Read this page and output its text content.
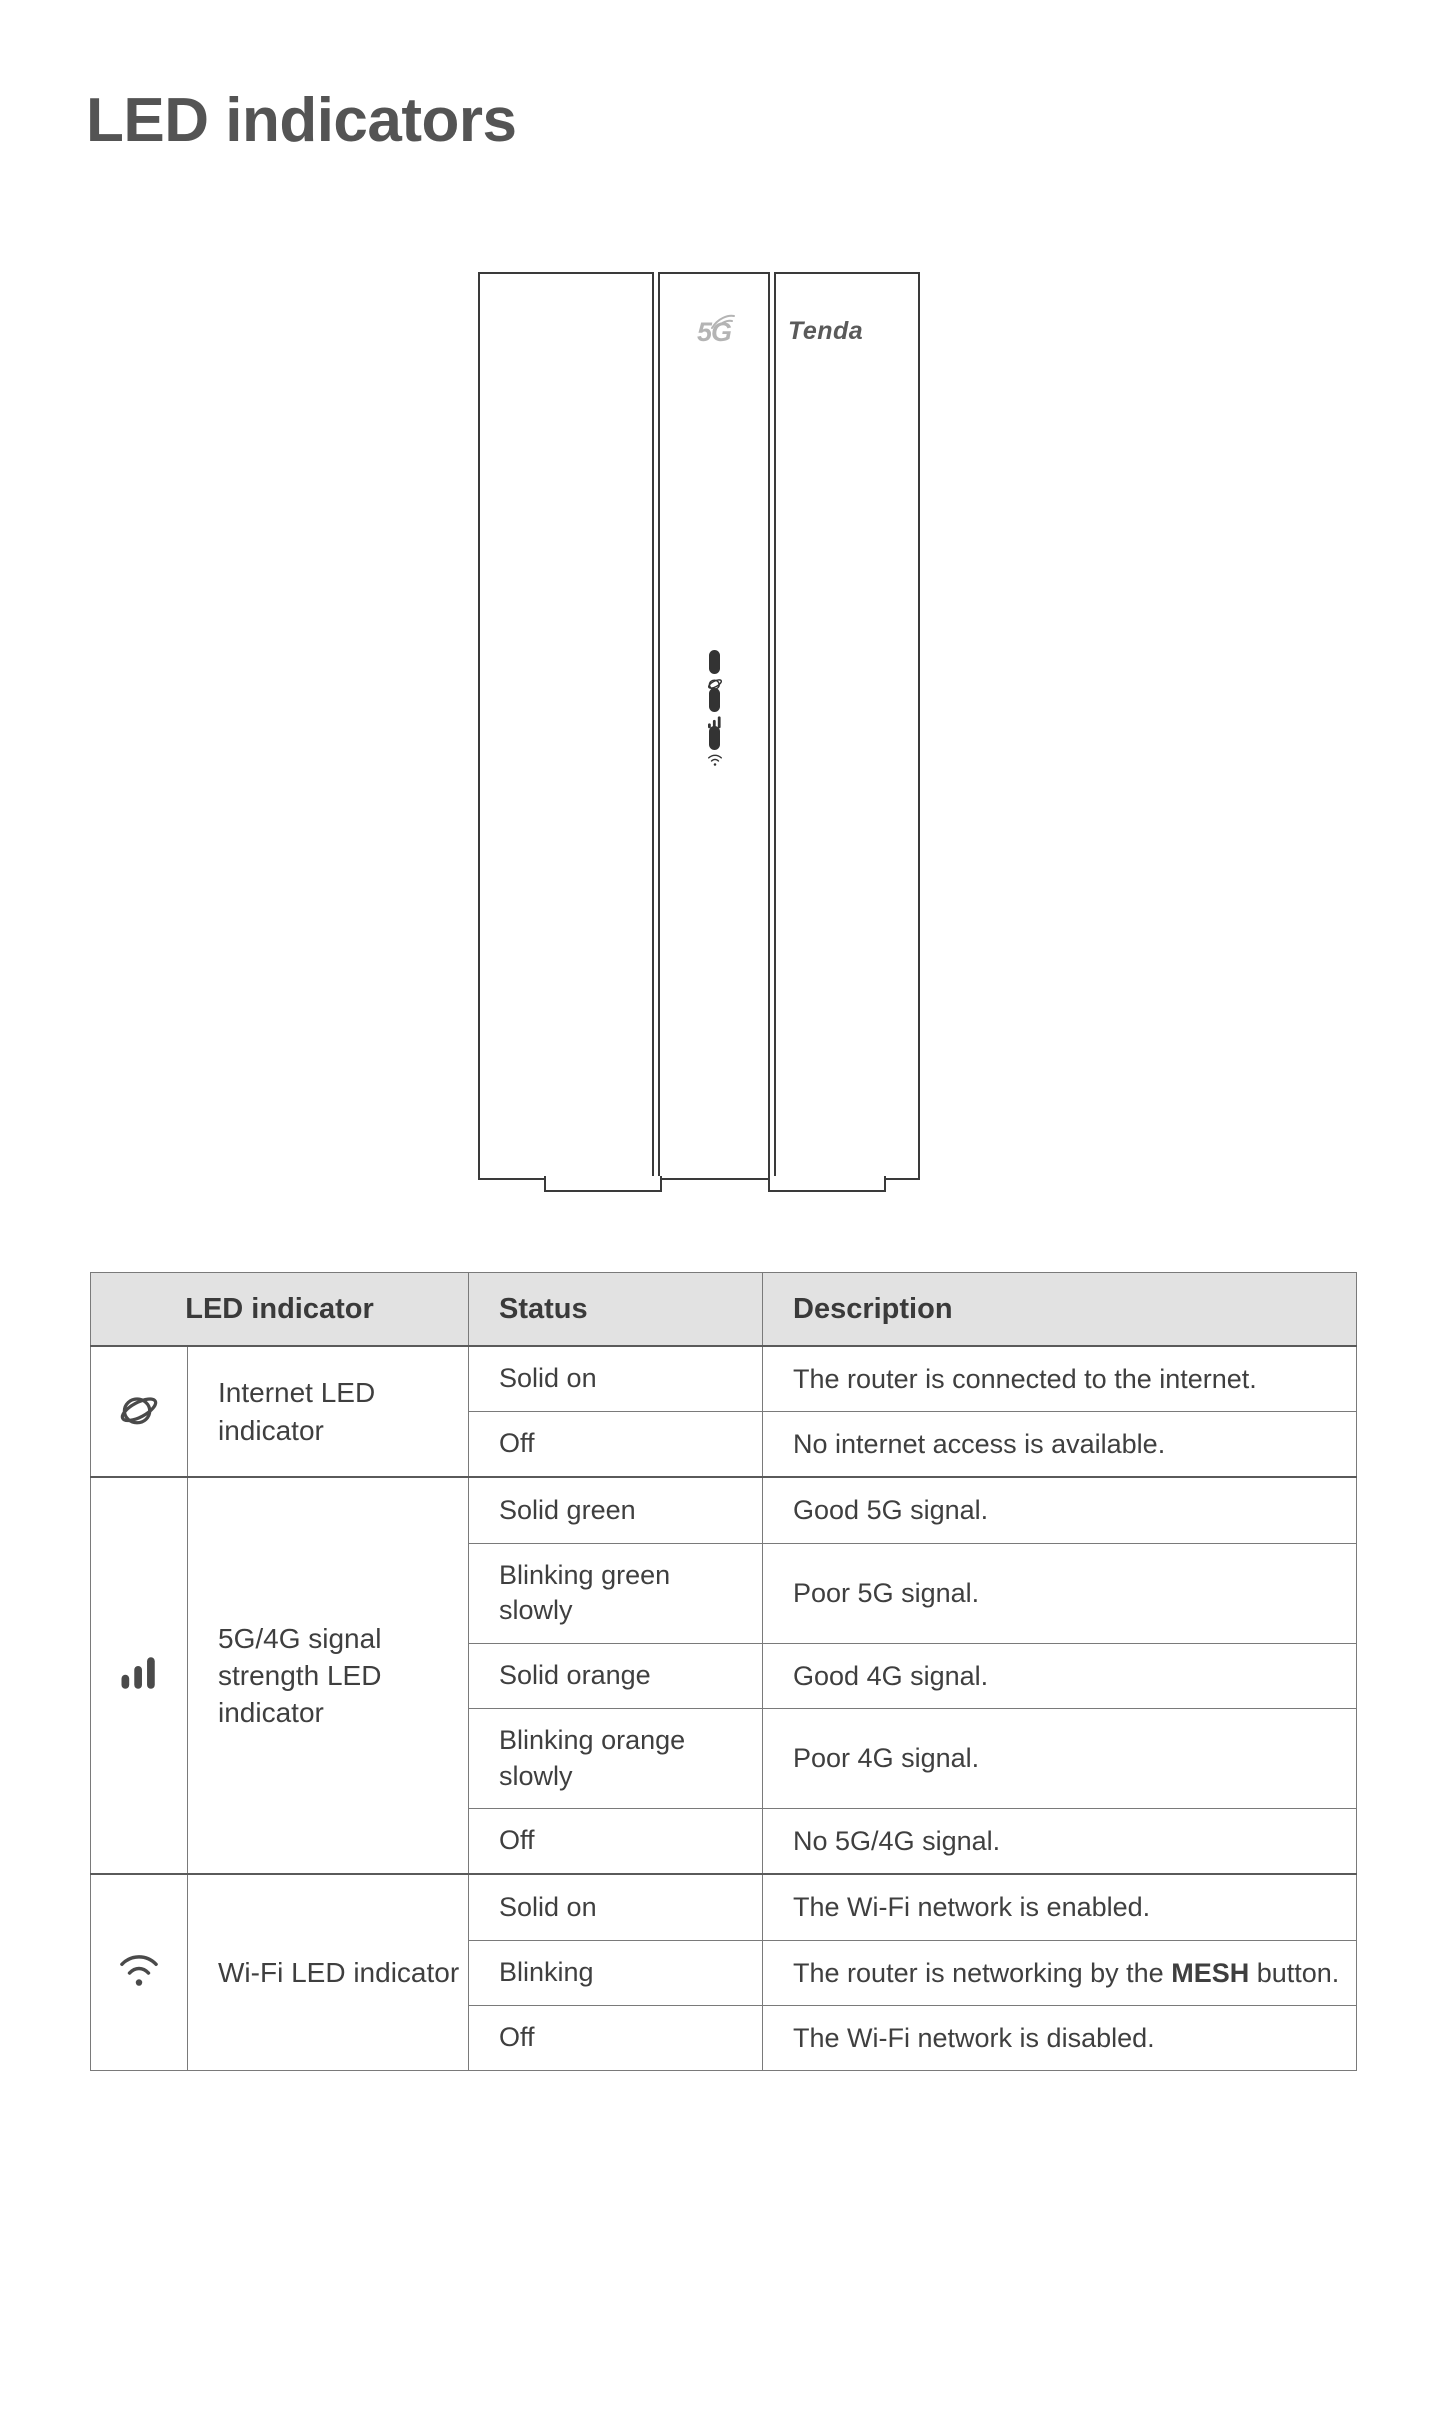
LED indicators
5G	Tenda
LED indicator		Status	Description
	Internet LED indicator	Solid on	The router is connected to the internet.
		Off	No internet access is available.
	5G/4G signal strength LED indicator	Solid green	Good 5G signal.
		Blinking green slowly	Poor 5G signal.
		Solid orange	Good 4G signal.
		Blinking orange slowly	Poor 4G signal.
		Off	No 5G/4G signal.
	Wi-Fi LED indicator	Solid on	The Wi-Fi network is enabled.
		Blinking	The router is networking by the MESH button.
		Off	The Wi-Fi network is disabled.
